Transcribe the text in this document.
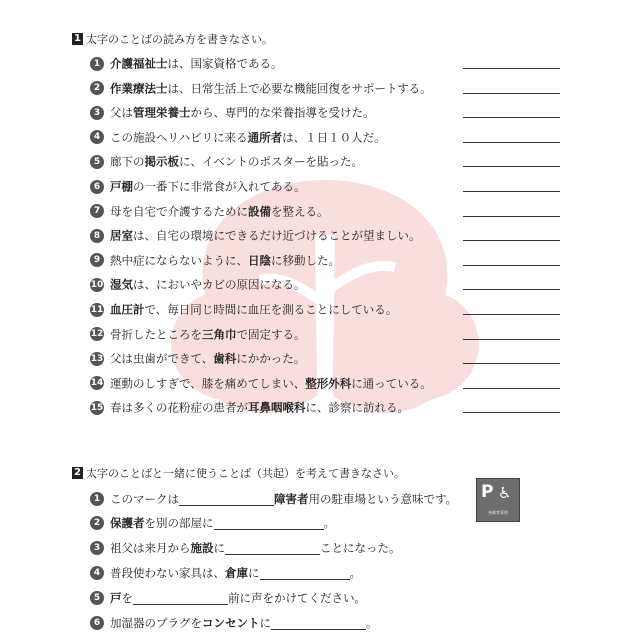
1 太字のことばの読み方を書きなさい。
1 介護福祉士は、国家資格である。
2 作業療法士は、日常生活上で必要な機能回復をサポートする。
3 父は管理栄養士から、専門的な栄養指導を受けた。
4 この施設へリハビリに来る通所者は、１日１０人だ。
5 廊下の掲示板に、イベントのポスターを貼った。
6 戸棚の一番下に非常食が入れてある。
7 母を自宅で介護するために設備を整える。
8 居室は、自宅の環境にできるだけ近づけることが望ましい。
9 熱中症にならないように、日陰に移動した。
10 湿気は、においやカビの原因になる。
11 血圧計で、毎日同じ時間に血圧を測ることにしている。
12 骨折したところを三角巾で固定する。
13 父は虫歯ができて、歯科にかかった。
14 運動のしすぎで、膝を痛めてしまい、整形外科に通っている。
15 春は多くの花粉症の患者が耳鼻咽喉科に、診察に訪れる。
2 太字のことばと一緒に使うことば（共起）を考えて書きなさい。
P ♿
身障者専用
1 このマークは	障害者用の駐車場という意味です。
2 保護者を別の部屋に	。
3 祖父は来月から施設に	ことになった。
4 普段使わない家具は、倉庫に	。
5 戸を	前に声をかけてください。
6 加湿器のプラグをコンセントに	。
